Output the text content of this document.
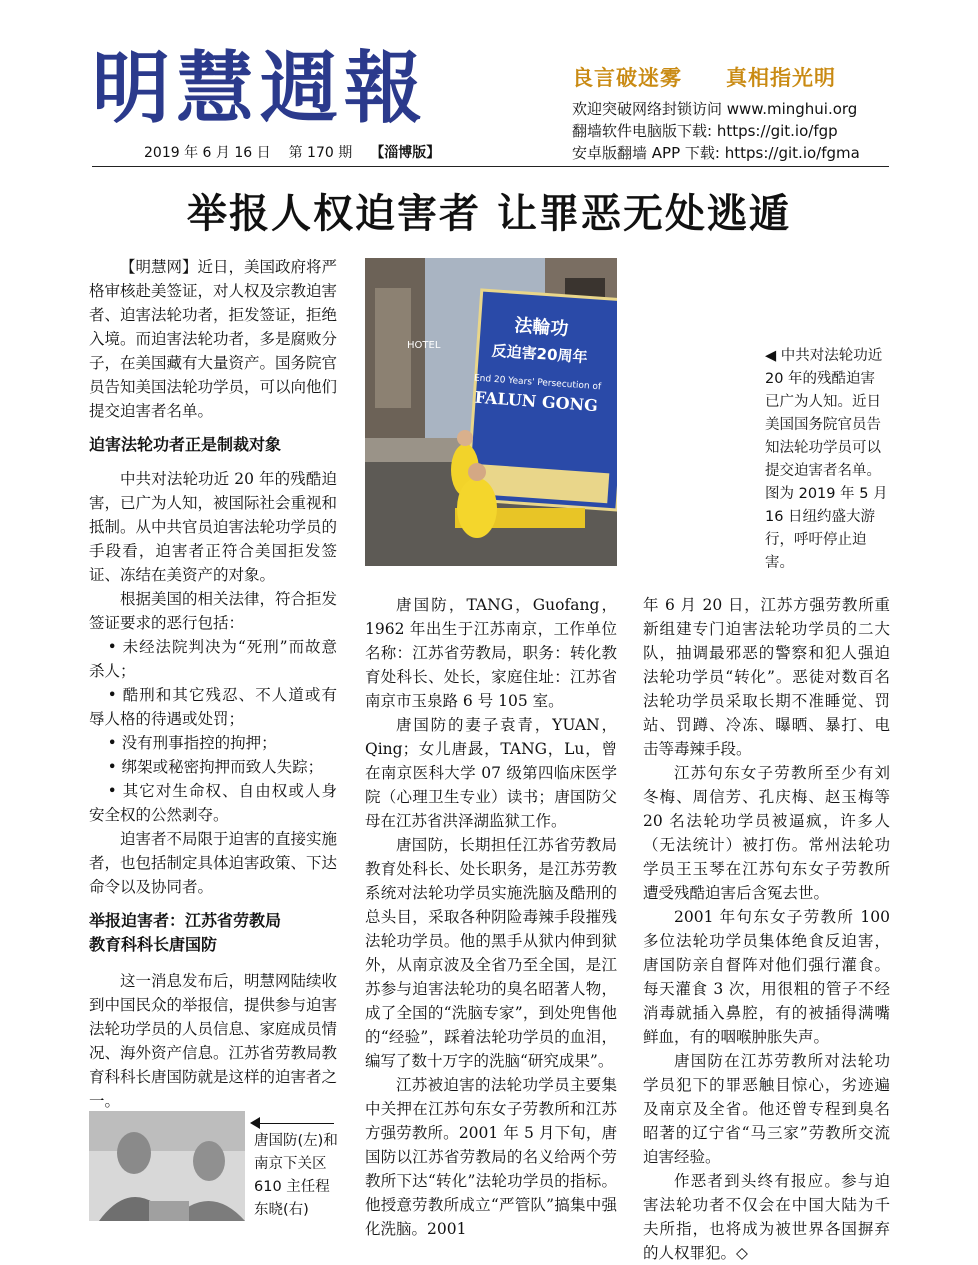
明慧週報	良言破迷雾 真相指光明
欢迎突破网络封锁访问 www.minghui.org
翻墙软件电脑版下载: https://git.io/fgp
安卓版翻墙 APP 下载: https://git.io/fgma
2019 年 6 月 16 日 第 170 期 【淄博版】
举报人权迫害者 让罪恶无处逃遁

【明慧网】近日，美国政府将严格审核赴美签证，对人权及宗教迫害者、迫害法轮功者，拒发签证，拒绝入境。而迫害法轮功者，多是腐败分子，在美国藏有大量资产。国务院官员告知美国法轮功学员，可以向他们提交迫害者名单。

迫害法轮功者正是制裁对象

中共对法轮功近 20 年的残酷迫害，已广为人知，被国际社会重视和抵制。从中共官员迫害法轮功学员的手段看，迫害者正符合美国拒发签证、冻结在美资产的对象。

根据美国的相关法律，符合拒发签证要求的恶行包括：

• 未经法院判决为“死刑”而故意杀人；

• 酷刑和其它残忍、不人道或有辱人格的待遇或处罚；

• 没有刑事指控的拘押；

• 绑架或秘密拘押而致人失踪；

• 其它对生命权、自由权或人身安全权的公然剥夺。

迫害者不局限于迫害的直接实施者，也包括制定具体迫害政策、下达命令以及协同者。

举报迫害者：江苏省劳教局
教育科科长唐国防

这一消息发布后，明慧网陆续收到中国民众的举报信，提供参与迫害法轮功学员的人员信息、家庭成员情况、海外资产信息。江苏省劳教局教育科科长唐国防就是这样的迫害者之一。

HOTEL
法輪功
反迫害20周年
End 20 Years' Persecution of
FALUN GONG
◀ 中共对法轮功近 20 年的残酷迫害已广为人知。近日美国国务院官员告知法轮功学员可以提交迫害者名单。图为 2019 年 5 月 16 日纽约盛大游行，呼吁停止迫害。

唐国防，TANG，Guofang，1962 年出生于江苏南京，工作单位名称：江苏省劳教局，职务：转化教育处科长、处长，家庭住址：江苏省南京市玉泉路 6 号 105 室。

唐国防的妻子袁青，YUAN，Qing；女儿唐晸，TANG，Lu，曾在南京医科大学 07 级第四临床医学院（心理卫生专业）读书；唐国防父母在江苏省洪泽湖监狱工作。

唐国防，长期担任江苏省劳教局教育处科长、处长职务，是江苏劳教系统对法轮功学员实施洗脑及酷刑的总头目，采取各种阴险毒辣手段摧残法轮功学员。他的黑手从狱内伸到狱外，从南京波及全省乃至全国，是江苏参与迫害法轮功的臭名昭著人物，成了全国的“洗脑专家”，到处兜售他的“经验”，踩着法轮功学员的血泪，编写了数十万字的洗脑“研究成果”。

江苏被迫害的法轮功学员主要集中关押在江苏句东女子劳教所和江苏方强劳教所。2001 年 5 月下旬，唐国防以江苏省劳教局的名义给两个劳教所下达“转化”法轮功学员的指标。他授意劳教所成立“严管队”搞集中强化洗脑。2001

年 6 月 20 日，江苏方强劳教所重新组建专门迫害法轮功学员的二大队，抽调最邪恶的警察和犯人强迫法轮功学员“转化”。恶徒对数百名法轮功学员采取长期不准睡觉、罚站、罚蹲、冷冻、曝晒、暴打、电击等毒辣手段。

江苏句东女子劳教所至少有刘冬梅、周信芳、孔庆梅、赵玉梅等 20 名法轮功学员被逼疯，许多人（无法统计）被打伤。常州法轮功学员王玉琴在江苏句东女子劳教所遭受残酷迫害后含冤去世。

2001 年句东女子劳教所 100 多位法轮功学员集体绝食反迫害，唐国防亲自督阵对他们强行灌食。每天灌食 3 次，用很粗的管子不经消毒就插入鼻腔，有的被插得满嘴鲜血，有的咽喉肿胀失声。

唐国防在江苏劳教所对法轮功学员犯下的罪恶触目惊心，劣迹遍及南京及全省。他还曾专程到臭名昭著的辽宁省“马三家”劳教所交流迫害经验。

作恶者到头终有报应。参与迫害法轮功者不仅会在中国大陆为千夫所指，也将成为被世界各国摒弃的人权罪犯。◇

唐国防(左)和南京下关区 610 主任程东晓(右)
